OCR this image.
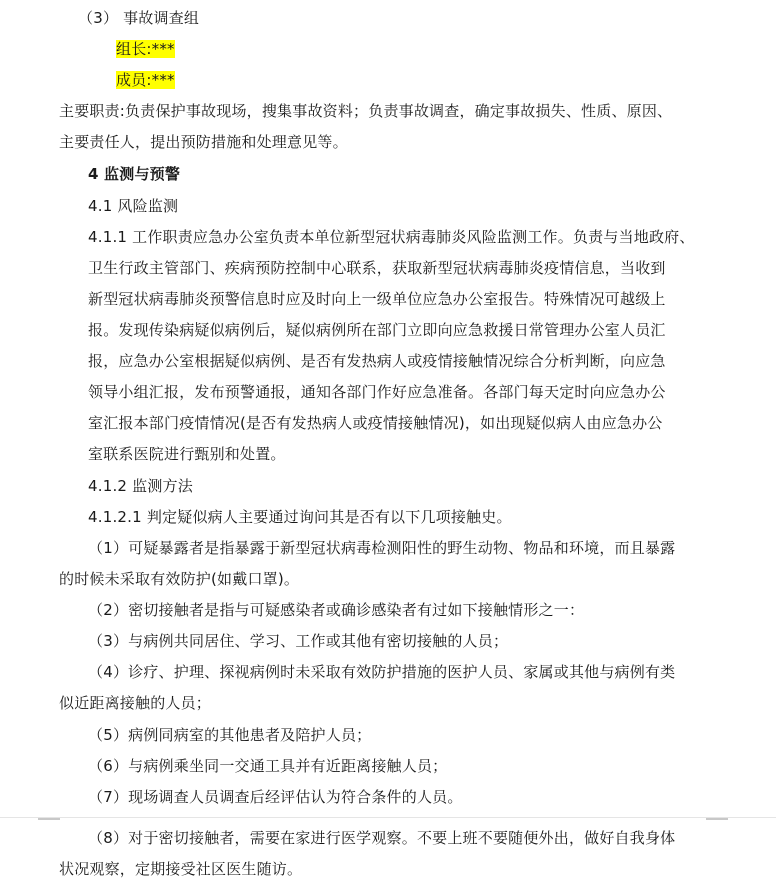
（3） 事故调查组
组长:***
成员:***
主要职责:负责保护事故现场，搜集事故资料；负责事故调查，确定事故损失、性质、原因、
主要责任人，提出预防措施和处理意见等。
4 监测与预警
4.1 风险监测
4.1.1 工作职责应急办公室负责本单位新型冠状病毒肺炎风险监测工作。负责与当地政府、
卫生行政主管部门、疾病预防控制中心联系，获取新型冠状病毒肺炎疫情信息，当收到
新型冠状病毒肺炎预警信息时应及时向上一级单位应急办公室报告。特殊情况可越级上
报。发现传染病疑似病例后，疑似病例所在部门立即向应急救援日常管理办公室人员汇
报，应急办公室根据疑似病例、是否有发热病人或疫情接触情况综合分析判断，向应急
领导小组汇报，发布预警通报，通知各部门作好应急准备。各部门每天定时向应急办公
室汇报本部门疫情情况(是否有发热病人或疫情接触情况)，如出现疑似病人由应急办公
室联系医院进行甄别和处置。
4.1.2 监测方法
4.1.2.1 判定疑似病人主要通过询问其是否有以下几项接触史。
（1）可疑暴露者是指暴露于新型冠状病毒检测阳性的野生动物、物品和环境，而且暴露
的时候未采取有效防护(如戴口罩)。
（2）密切接触者是指与可疑感染者或确诊感染者有过如下接触情形之一：
（3）与病例共同居住、学习、工作或其他有密切接触的人员；
（4）诊疗、护理、探视病例时未采取有效防护措施的医护人员、家属或其他与病例有类
似近距离接触的人员；
（5）病例同病室的其他患者及陪护人员；
（6）与病例乘坐同一交通工具并有近距离接触人员；
（7）现场调查人员调查后经评估认为符合条件的人员。
（8）对于密切接触者，需要在家进行医学观察。不要上班不要随便外出，做好自我身体
状况观察，定期接受社区医生随访。
